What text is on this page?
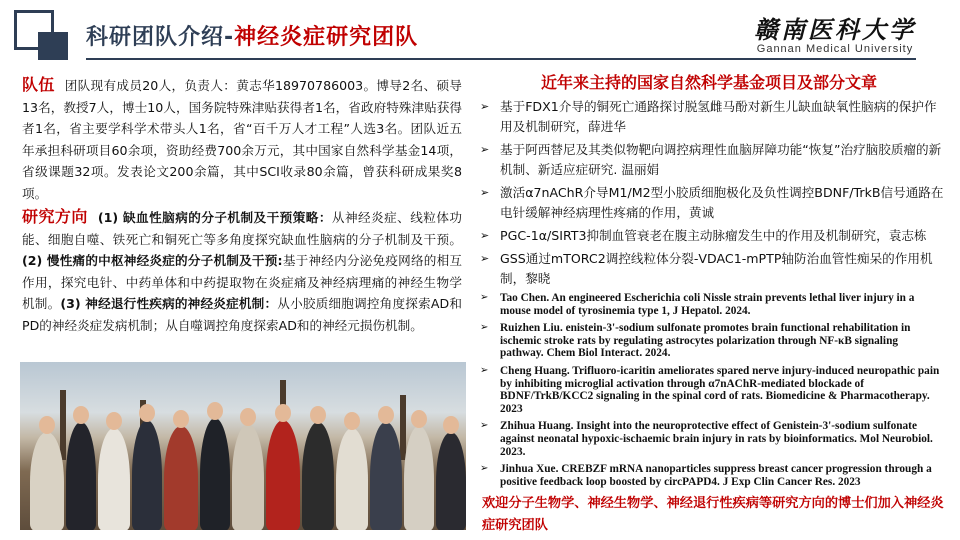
科研团队介绍-神经炎症研究团队	赣南医科大学
Gannan Medical University

队伍 团队现有成员20人，负责人：黄志华18970786003。博导2名、硕导13名，教授7人，博士10人，国务院特殊津贴获得者1名，省政府特殊津贴获得者1名，省主要学科学术带头人1名，省“百千万人才工程”人选3名。团队近五年承担科研项目60余项，资助经费700余万元，其中国家自然科学基金14项，省级课题32项。发表论文200余篇，其中SCI收录80余篇，曾获科研成果奖8项。

研究方向 (1) 缺血性脑病的分子机制及干预策略：从神经炎症、线粒体功能、细胞自噬、铁死亡和铜死亡等多角度探究缺血性脑病的分子机制及干预。(2) 慢性痛的中枢神经炎症的分子机制及干预:基于神经内分泌免疫网络的相互作用，探究电针、中药单体和中药提取物在炎症痛及神经病理痛的神经生物学机制。(3) 神经退行性疾病的神经炎症机制：从小胶质细胞调控角度探索AD和PD的神经炎症发病机制；从自噬调控角度探索AD和的神经元损伤机制。

近年来主持的国家自然科学基金项目及部分文章
➢ 基于FDX1介导的铜死亡通路探讨脱氢雌马酚对新生儿缺血缺氧性脑病的保护作用及机制研究，薛进华
➢ 基于阿西替尼及其类似物靶向调控病理性血脑屏障功能“恢复”治疗脑胶质瘤的新机制、新适应症研究. 温丽娟
➢ 激活α7nAChR介导M1/M2型小胶质细胞极化及负性调控BDNF/TrkB信号通路在电针缓解神经病理性疼痛的作用，黄诚
➢ PGC-1α/SIRT3抑制血管衰老在腹主动脉瘤发生中的作用及机制研究，袁志栋
➢ GSS通过mTORC2调控线粒体分裂-VDAC1-mPTP轴防治血管性痴呆的作用机制，黎晓
➢ Tao Chen. An engineered Escherichia coli Nissle strain prevents lethal liver injury in a mouse model of tyrosinemia type 1, J Hepatol. 2024.
➢ Ruizhen Liu. enistein-3'-sodium sulfonate promotes brain functional rehabilitation in ischemic stroke rats by regulating astrocytes polarization through NF-κB signaling pathway. Chem Biol Interact. 2024.
➢ Cheng Huang. Trifluoro-icaritin ameliorates spared nerve injury-induced neuropathic pain by inhibiting microglial activation through α7nAChR-mediated blockade of BDNF/TrkB/KCC2 signaling in the spinal cord of rats. Biomedicine & Pharmacotherapy. 2023
➢ Zhihua Huang. Insight into the neuroprotective effect of Genistein-3'-sodium sulfonate against neonatal hypoxic-ischaemic brain injury in rats by bioinformatics. Mol Neurobiol. 2023.
➢ Jinhua Xue. CREBZF mRNA nanoparticles suppress breast cancer progression through a positive feedback loop boosted by circPAPD4. J Exp Clin Cancer Res. 2023
欢迎分子生物学、神经生物学、神经退行性疾病等研究方向的博士们加入神经炎症研究团队
